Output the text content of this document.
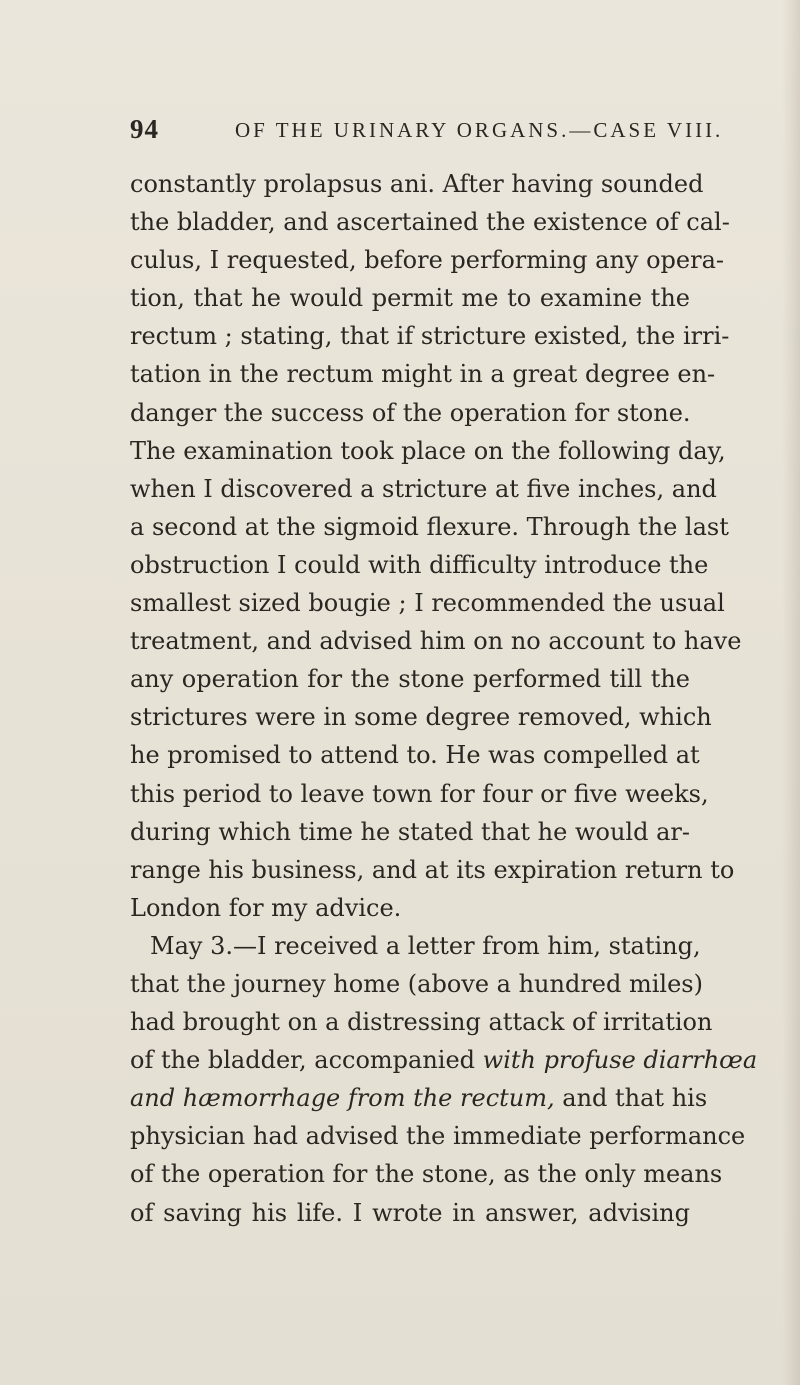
94	OF THE URINARY ORGANS.—CASE VIII.
constantly prolapsus ani. After having sounded
the bladder, and ascertained the existence of cal-
culus, I requested, before performing any opera-
tion, that he would permit me to examine the
rectum ; stating, that if stricture existed, the irri-
tation in the rectum might in a great degree en-
danger the success of the operation for stone.
The examination took place on the following day,
when I discovered a stricture at five inches, and
a second at the sigmoid flexure. Through the last
obstruction I could with difficulty introduce the
smallest sized bougie ; I recommended the usual
treatment, and advised him on no account to have
any operation for the stone performed till the
strictures were in some degree removed, which
he promised to attend to. He was compelled at
this period to leave town for four or five weeks,
during which time he stated that he would ar-
range his business, and at its expiration return to
London for my advice.
May 3.—I received a letter from him, stating,
that the journey home (above a hundred miles)
had brought on a distressing attack of irritation
of the bladder, accompanied with profuse diarrhœa
and hæmorrhage from the rectum, and that his
physician had advised the immediate performance
of the operation for the stone, as the only means
of saving his life. I wrote in answer, advising
